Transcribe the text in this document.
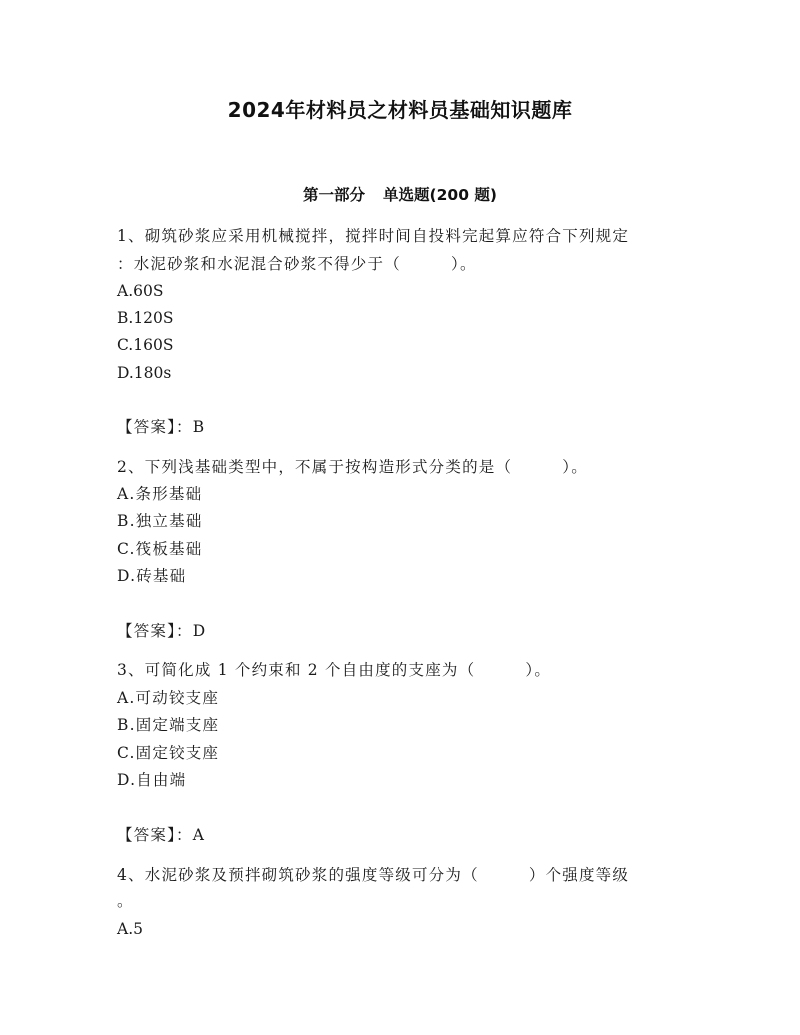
2024年材料员之材料员基础知识题库
第一部分 单选题(200 题)
1、砌筑砂浆应采用机械搅拌，搅拌时间自投料完起算应符合下列规定
：水泥砂浆和水泥混合砂浆不得少于（　　　）。
A.60S
B.120S
C.160S
D.180s
【答案】：B
2、下列浅基础类型中，不属于按构造形式分类的是（　　　）。
A.条形基础
B.独立基础
C.筏板基础
D.砖基础
【答案】：D
3、可简化成 1 个约束和 2 个自由度的支座为（　　　）。
A.可动铰支座
B.固定端支座
C.固定铰支座
D.自由端
【答案】：A
4、水泥砂浆及预拌砌筑砂浆的强度等级可分为（　　　）个强度等级
。
A.5
